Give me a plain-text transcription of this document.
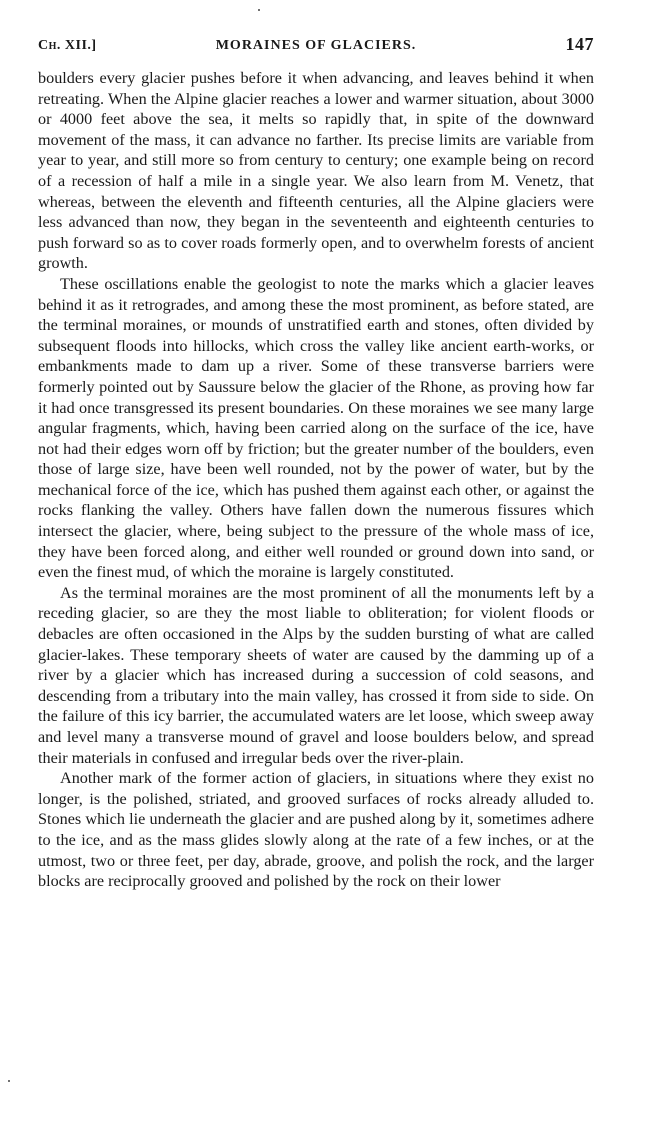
Ch. XII.]	MORAINES OF GLACIERS.	147

boulders every glacier pushes before it when advancing, and leaves behind it when retreating. When the Alpine glacier reaches a lower and warmer situation, about 3000 or 4000 feet above the sea, it melts so rapidly that, in spite of the downward movement of the mass, it can advance no farther. Its precise limits are variable from year to year, and still more so from century to century; one example being on record of a recession of half a mile in a single year. We also learn from M. Venetz, that whereas, between the eleventh and fifteenth centuries, all the Alpine glaciers were less advanced than now, they began in the seventeenth and eighteenth centuries to push forward so as to cover roads formerly open, and to overwhelm forests of ancient growth.

These oscillations enable the geologist to note the marks which a glacier leaves behind it as it retrogrades, and among these the most prominent, as before stated, are the terminal moraines, or mounds of unstratified earth and stones, often divided by subsequent floods into hillocks, which cross the valley like ancient earth-works, or embankments made to dam up a river. Some of these transverse barriers were formerly pointed out by Saussure below the glacier of the Rhone, as proving how far it had once transgressed its present boundaries. On these moraines we see many large angular fragments, which, having been carried along on the surface of the ice, have not had their edges worn off by friction; but the greater number of the boulders, even those of large size, have been well rounded, not by the power of water, but by the mechanical force of the ice, which has pushed them against each other, or against the rocks flanking the valley. Others have fallen down the numerous fissures which intersect the glacier, where, being subject to the pressure of the whole mass of ice, they have been forced along, and either well rounded or ground down into sand, or even the finest mud, of which the moraine is largely constituted.

As the terminal moraines are the most prominent of all the monuments left by a receding glacier, so are they the most liable to obliteration; for violent floods or debacles are often occasioned in the Alps by the sudden bursting of what are called glacier-lakes. These temporary sheets of water are caused by the damming up of a river by a glacier which has increased during a succession of cold seasons, and descending from a tributary into the main valley, has crossed it from side to side. On the failure of this icy barrier, the accumulated waters are let loose, which sweep away and level many a transverse mound of gravel and loose boulders below, and spread their materials in confused and irregular beds over the river-plain.

Another mark of the former action of glaciers, in situations where they exist no longer, is the polished, striated, and grooved surfaces of rocks already alluded to. Stones which lie underneath the glacier and are pushed along by it, sometimes adhere to the ice, and as the mass glides slowly along at the rate of a few inches, or at the utmost, two or three feet, per day, abrade, groove, and polish the rock, and the larger blocks are reciprocally grooved and polished by the rock on their lower
